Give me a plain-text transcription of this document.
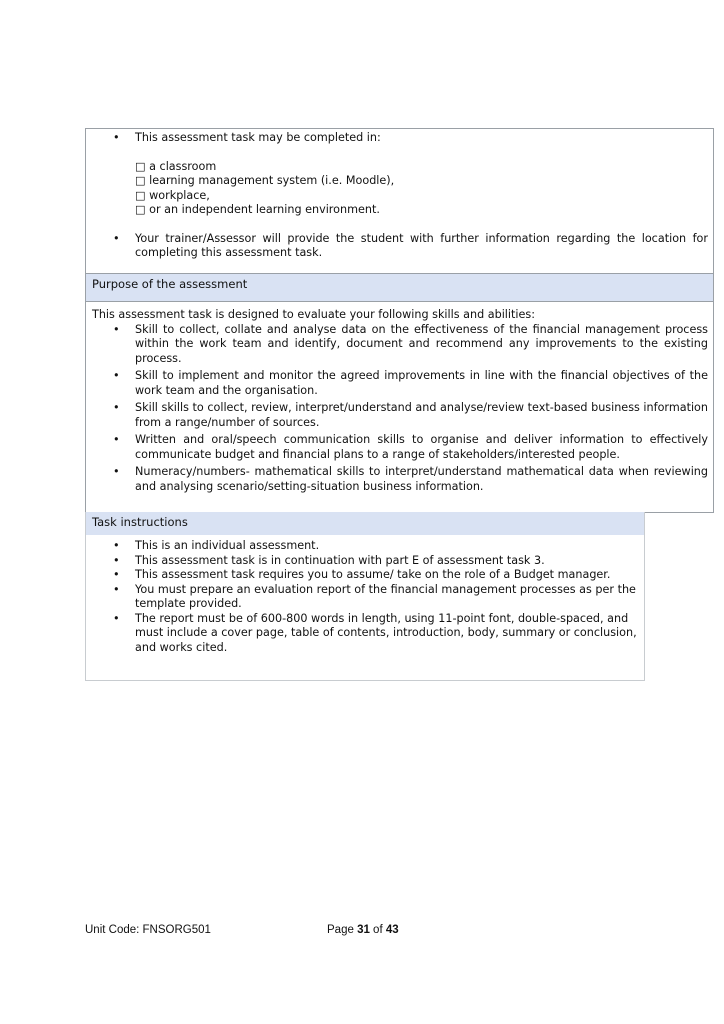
• This assessment task may be completed in:
□ a classroom
□ learning management system (i.e. Moodle),
□ workplace,
□ or an independent learning environment.
• Your trainer/Assessor will provide the student with further information regarding the location for completing this assessment task.
Purpose of the assessment
This assessment task is designed to evaluate your following skills and abilities:
• Skill to collect, collate and analyse data on the effectiveness of the financial management process within the work team and identify, document and recommend any improvements to the existing process.
• Skill to implement and monitor the agreed improvements in line with the financial objectives of the work team and the organisation.
• Skill skills to collect, review, interpret/understand and analyse/review text-based business information from a range/number of sources.
• Written and oral/speech communication skills to organise and deliver information to effectively communicate budget and financial plans to a range of stakeholders/interested people.
• Numeracy/numbers- mathematical skills to interpret/understand mathematical data when reviewing and analysing scenario/setting-situation business information.
Task instructions
• This is an individual assessment.
• This assessment task is in continuation with part E of assessment task 3.
• This assessment task requires you to assume/ take on the role of a Budget manager.
• You must prepare an evaluation report of the financial management processes as per the template provided.
• The report must be of 600-800 words in length, using 11-point font, double-spaced, and must include a cover page, table of contents, introduction, body, summary or conclusion, and works cited.
Unit Code: FNSORG501	Page 31 of 43
